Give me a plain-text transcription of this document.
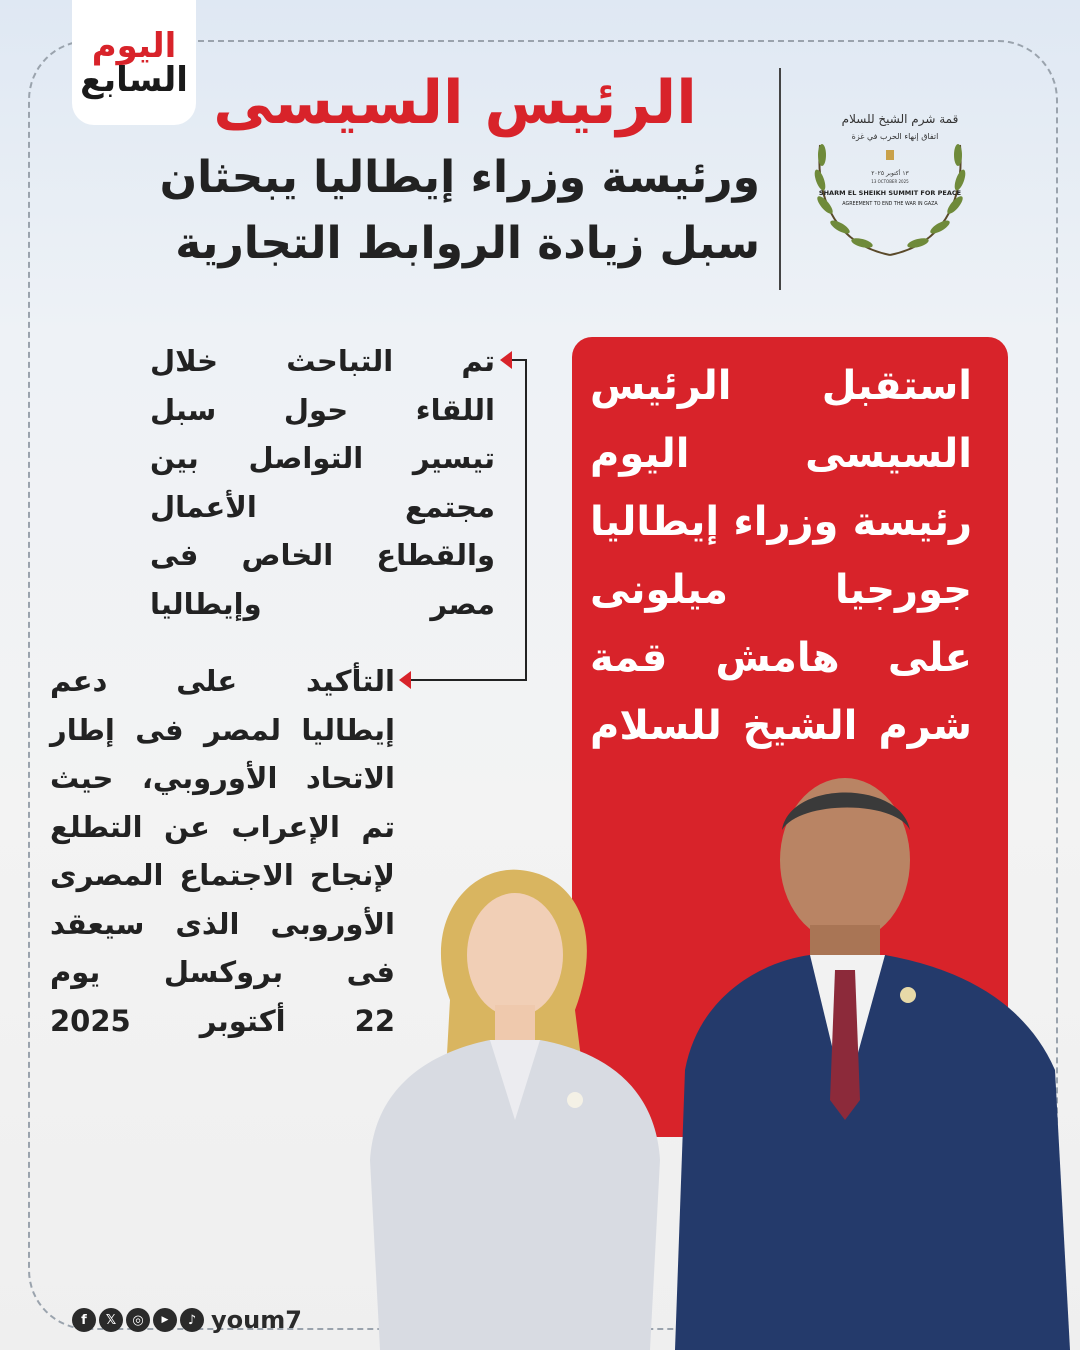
اليوم
السابع الرئيس السيسى
ورئيسة وزراء إيطاليا يبحثان
سبل زيادة الروابط التجارية
قمة شرم الشيخ للسلام
اتفاق إنهاء الحرب في غزة
١٣ أكتوبر ٢٠٢٥
13 OCTOBER 2025
SHARM EL SHEIKH SUMMIT FOR PEACE
AGREEMENT TO END THE WAR IN GAZA
استقبل الرئيس
السيسى اليوم
رئيسة وزراء إيطاليا
جورجيا ميلونى
على هامش قمة
شرم الشيخ للسلام
تم التباحث خلال
اللقاء حول سبل
تيسير التواصل بين
مجتمع الأعمال
والقطاع الخاص فى
مصر وإيطاليا
التأكيد على دعم
إيطاليا لمصر فى إطار
الاتحاد الأوروبي، حيث
تم الإعراب عن التطلع
لإنجاح الاجتماع المصرى
الأوروبى الذى سيعقد
فى بروكسل يوم
22 أكتوبر 2025
f	𝕏	◎	▶	♪ youm7
